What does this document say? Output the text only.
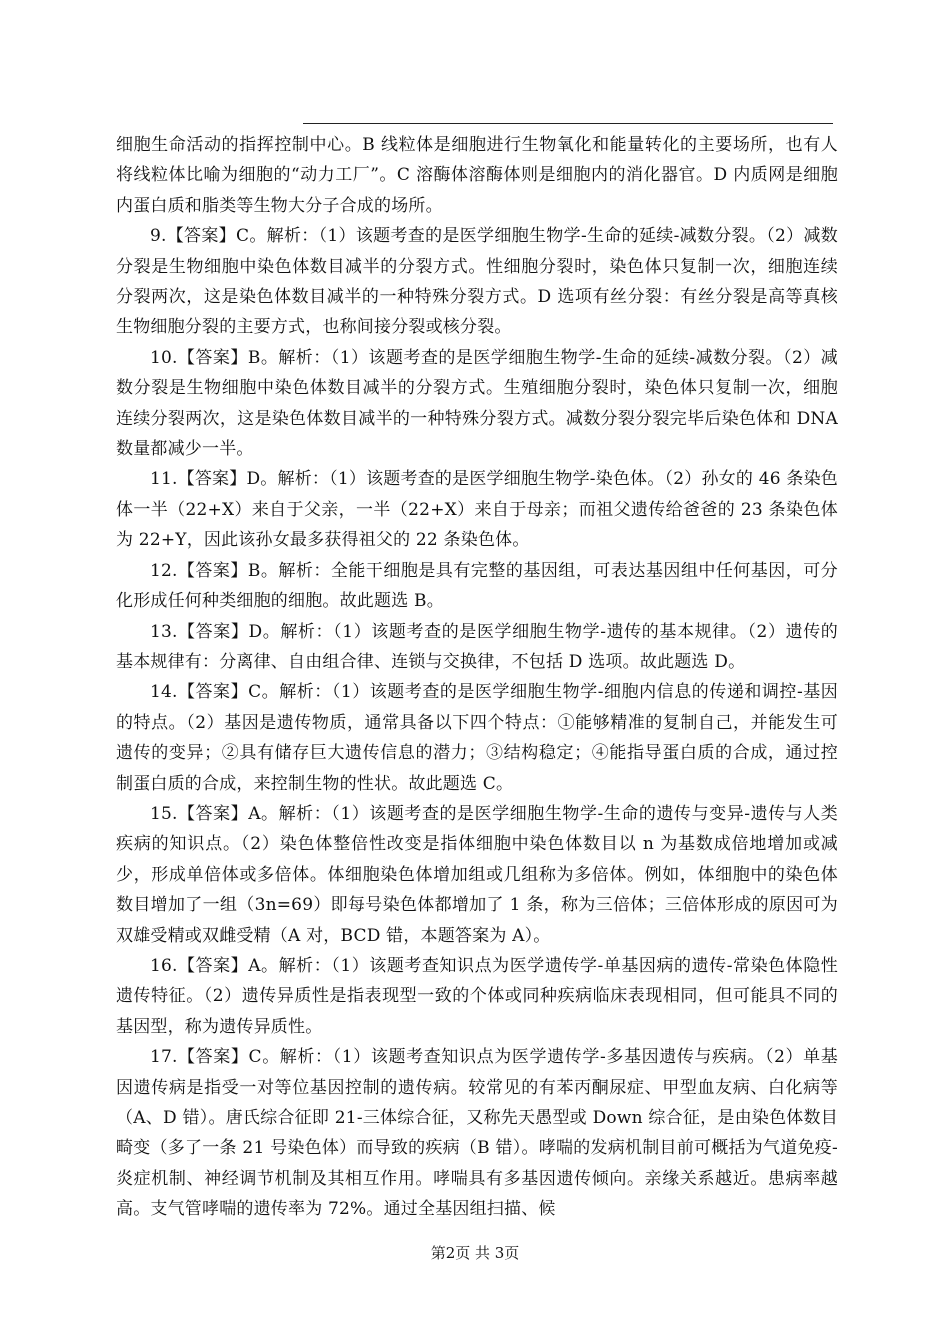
细胞生命活动的指挥控制中心。B 线粒体是细胞进行生物氧化和能量转化的主要场所，也有人将线粒体比喻为细胞的“动力工厂”。C 溶酶体溶酶体则是细胞内的消化器官。D 内质网是细胞内蛋白质和脂类等生物大分子合成的场所。

9.【答案】C。解析：（1）该题考查的是医学细胞生物学-生命的延续-减数分裂。（2）减数分裂是生物细胞中染色体数目减半的分裂方式。性细胞分裂时，染色体只复制一次，细胞连续分裂两次，这是染色体数目减半的一种特殊分裂方式。D 选项有丝分裂：有丝分裂是高等真核生物细胞分裂的主要方式，也称间接分裂或核分裂。

10.【答案】B。解析：（1）该题考查的是医学细胞生物学-生命的延续-减数分裂。（2）减数分裂是生物细胞中染色体数目减半的分裂方式。生殖细胞分裂时，染色体只复制一次，细胞连续分裂两次，这是染色体数目减半的一种特殊分裂方式。减数分裂分裂完毕后染色体和 DNA 数量都减少一半。

11.【答案】D。解析：（1）该题考查的是医学细胞生物学-染色体。（2）孙女的 46 条染色体一半（22+X）来自于父亲，一半（22+X）来自于母亲；而祖父遗传给爸爸的 23 条染色体为 22+Y，因此该孙女最多获得祖父的 22 条染色体。

12.【答案】B。解析：全能干细胞是具有完整的基因组，可表达基因组中任何基因，可分化形成任何种类细胞的细胞。故此题选 B。

13.【答案】D。解析：（1）该题考查的是医学细胞生物学-遗传的基本规律。（2）遗传的基本规律有：分离律、自由组合律、连锁与交换律，不包括 D 选项。故此题选 D。

14.【答案】C。解析：（1）该题考查的是医学细胞生物学-细胞内信息的传递和调控-基因的特点。（2）基因是遗传物质，通常具备以下四个特点：①能够精准的复制自己，并能发生可遗传的变异；②具有储存巨大遗传信息的潜力；③结构稳定；④能指导蛋白质的合成，通过控制蛋白质的合成，来控制生物的性状。故此题选 C。

15.【答案】A。解析：（1）该题考查的是医学细胞生物学-生命的遗传与变异-遗传与人类疾病的知识点。（2）染色体整倍性改变是指体细胞中染色体数目以 n 为基数成倍地增加或减少，形成单倍体或多倍体。体细胞染色体增加组或几组称为多倍体。例如，体细胞中的染色体数目增加了一组（3n=69）即每号染色体都增加了 1 条，称为三倍体；三倍体形成的原因可为双雄受精或双雌受精（A 对，BCD 错，本题答案为 A）。

16.【答案】A。解析：（1）该题考查知识点为医学遗传学-单基因病的遗传-常染色体隐性遗传特征。（2）遗传异质性是指表现型一致的个体或同种疾病临床表现相同，但可能具不同的基因型，称为遗传异质性。

17.【答案】C。解析：（1）该题考查知识点为医学遗传学-多基因遗传与疾病。（2）单基因遗传病是指受一对等位基因控制的遗传病。较常见的有苯丙酮尿症、甲型血友病、白化病等（A、D 错）。唐氏综合征即 21-三体综合征，又称先天愚型或 Down 综合征，是由染色体数目畸变（多了一条 21 号染色体）而导致的疾病（B 错）。哮喘的发病机制目前可概括为气道免疫-炎症机制、神经调节机制及其相互作用。哮喘具有多基因遗传倾向。亲缘关系越近。患病率越高。支气管哮喘的遗传率为 72%。通过全基因组扫描、候

第2页 共 3页
